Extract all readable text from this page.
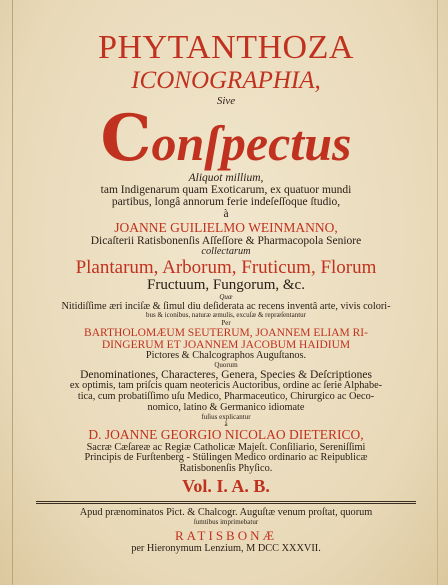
PHYTANTHOZA
ICONOGRAPHIA,
Sive
Conſpectus
Aliquot millium,
tam Indigenarum quam Exoticarum, ex quatuor mundi
partibus, longâ annorum ferie indeſeſſoque ſtudio,
à
JOANNE GUILIELMO WEINMANNO,
Dicaſterii Ratisbonenſis Aſſeſſore & Pharmacopola Seniore
collectarum
Plantarum, Arborum, Fruticum, Florum
Fructuum, Fungorum, &c.
Quæ
Nitidiſſime æri inciſæ & ſimul diu deſiderata ac recens inventâ arte, vivis colori-
bus & iconibus, naturæ æmulis, excuſæ & repræſentantur
Per
BARTHOLOMÆUM SEUTERUM, JOANNEM ELIAM RI-
DINGERUM ET JOANNEM JACOBUM HAIDIUM
Pictores & Chalcographos Auguſtanos.
Quorum
Denominationes, Characteres, Genera, Species & Deſcriptiones
ex optimis, tam priſcis quam neotericis Auctoribus, ordine ac ſerie Alphabe-
tica, cum probatiſſimo uſu Medico, Pharmaceutico, Chirurgico ac Oeco-
nomico, latino & Germanico idiomate
fuſius explicantur
à
D. JOANNE GEORGIO NICOLAO DIETERICO,
Sacræ Cæſareæ ac Regiæ Catholicæ Majeſt. Conſiliario, Sereniſſimi
Principis de Furſtenberg - Stülingen Medico ordinario ac Reipublicæ
Ratisbonenſis Phyſico.
Vol. I. A. B.
Apud prænominatos Pict. & Chalcogr. Auguſtæ venum proſtat, quorum
ſumtibus imprimebatur
RATISBONÆ
per Hieronymum Lenzium, M DCC XXXVII.
